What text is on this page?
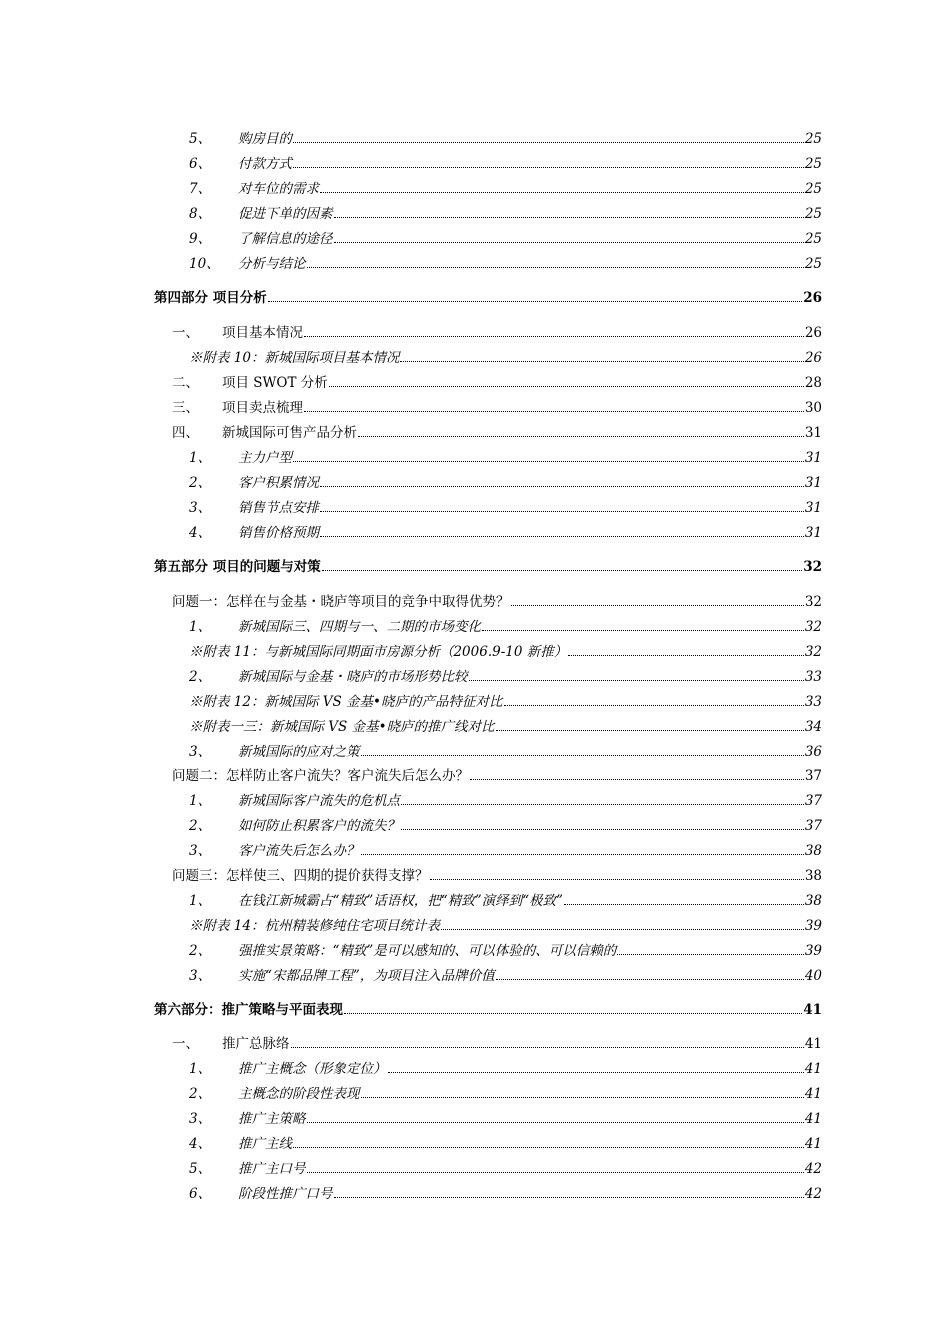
5、 购房目的	25
6、 付款方式	25
7、 对车位的需求	25
8、 促进下单的因素	25
9、 了解信息的途径	25
10、 分析与结论	25
第四部分 项目分析	26
一、 项目基本情况	26
※附表 10：新城国际项目基本情况	26
二、 项目 SWOT 分析	28
三、 项目卖点梳理	30
四、 新城国际可售产品分析	31
1、 主力户型	31
2、 客户积累情况	31
3、 销售节点安排	31
4、 销售价格预期	31
第五部分 项目的问题与对策	32
问题一：怎样在与金基・晓庐等项目的竞争中取得优势？	32
1、 新城国际三、四期与一、二期的市场变化	32
※附表 11：与新城国际同期面市房源分析（2006.9-10 新推）	32
2、 新城国际与金基・晓庐的市场形势比较	33
※附表 12：新城国际 VS 金基•晓庐的产品特征对比	33
※附表一三：新城国际 VS 金基•晓庐的推广线对比	34
3、 新城国际的应对之策	36
问题二：怎样防止客户流失？客户流失后怎么办？	37
1、 新城国际客户流失的危机点	37
2、 如何防止积累客户的流失？	37
3、 客户流失后怎么办？	38
问题三：怎样使三、四期的提价获得支撑？	38
1、 在钱江新城霸占“精致”话语权，把“精致”演绎到“极致”	38
※附表 14：杭州精装修纯住宅项目统计表	39
2、 强推实景策略：“精致”是可以感知的、可以体验的、可以信赖的	39
3、 实施“宋都品牌工程”，为项目注入品牌价值	40
第六部分：推广策略与平面表现	41
一、 推广总脉络	41
1、 推广主概念（形象定位）	41
2、 主概念的阶段性表现	41
3、 推广主策略	41
4、 推广主线	41
5、 推广主口号	42
6、 阶段性推广口号	42
